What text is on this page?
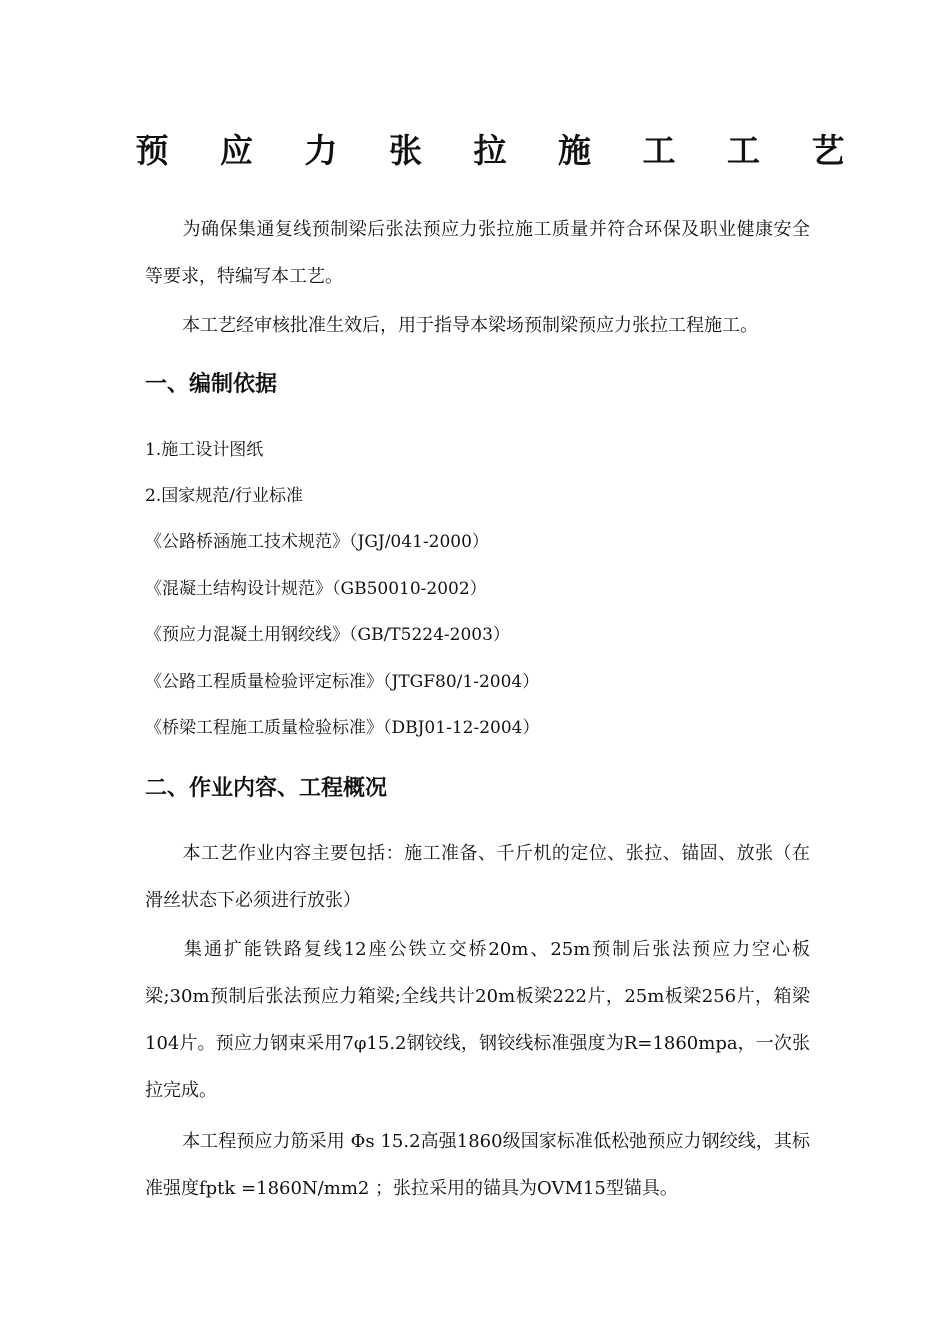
预 应 力 张 拉 施 工 工 艺
为确保集通复线预制梁后张法预应力张拉施工质量并符合环保及职业健康安全等要求，特编写本工艺。
本工艺经审核批准生效后，用于指导本梁场预制梁预应力张拉工程施工。
一、编制依据
1.施工设计图纸
2.国家规范/行业标准
《公路桥涵施工技术规范》（JGJ/041-2000）
《混凝土结构设计规范》（GB50010-2002）
《预应力混凝土用钢绞线》（GB/T5224-2003）
《公路工程质量检验评定标准》（JTGF80/1-2004）
《桥梁工程施工质量检验标准》（DBJ01-12-2004）
二、作业内容、工程概况
本工艺作业内容主要包括：施工准备、千斤机的定位、张拉、锚固、放张（在滑丝状态下必须进行放张）
集通扩能铁路复线12座公铁立交桥20m、25m预制后张法预应力空心板梁;30m预制后张法预应力箱梁;全线共计20m板梁222片，25m板梁256片，箱梁104片。预应力钢束采用7φ15.2钢铰线，钢铰线标准强度为R=1860mpa，一次张拉完成。
本工程预应力筋采用 Φs 15.2高强1860级国家标准低松弛预应力钢绞线，其标准强度fptk =1860N/mm2 ；张拉采用的锚具为OVM15型锚具。
